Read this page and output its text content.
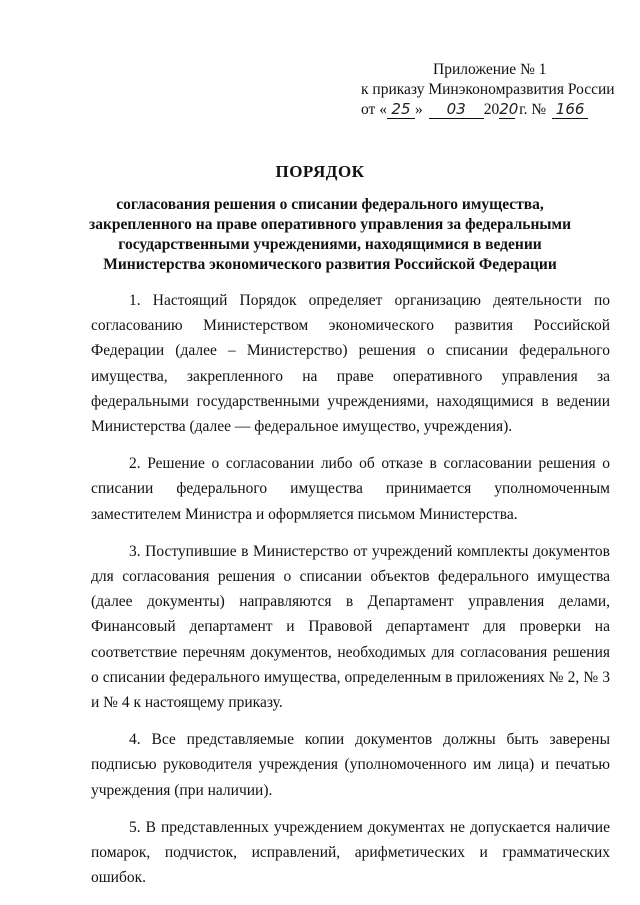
Приложение № 1
к приказу Минэкономразвития России
от « 25 » 03 2020 г. № 166
ПОРЯДОК
согласования решения о списании федерального имущества, закрепленного на праве оперативного управления за федеральными государственными учреждениями, находящимися в ведении Министерства экономического развития Российской Федерации

1. Настоящий Порядок определяет организацию деятельности по согласованию Министерством экономического развития Российской Федерации (далее – Министерство) решения о списании федерального имущества, закрепленного на праве оперативного управления за федеральными государственными учреждениями, находящимися в ведении Министерства (далее — федеральное имущество, учреждения).

2. Решение о согласовании либо об отказе в согласовании решения о списании федерального имущества принимается уполномоченным заместителем Министра и оформляется письмом Министерства.

3. Поступившие в Министерство от учреждений комплекты документов для согласования решения о списании объектов федерального имущества (далее документы) направляются в Департамент управления делами, Финансовый департамент и Правовой департамент для проверки на соответствие перечням документов, необходимых для согласования решения о списании федерального имущества, определенным в приложениях № 2, № 3 и № 4 к настоящему приказу.

4. Все представляемые копии документов должны быть заверены подписью руководителя учреждения (уполномоченного им лица) и печатью учреждения (при наличии).

5. В представленных учреждением документах не допускается наличие помарок, подчисток, исправлений, арифметических и грамматических ошибок.
